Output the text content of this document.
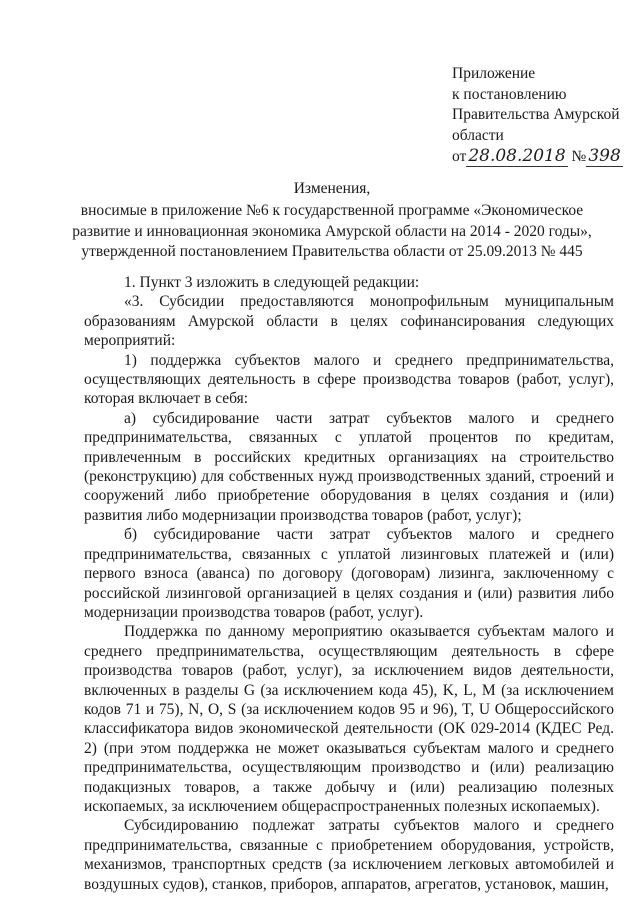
Приложение
к постановлению
Правительства Амурской
области
от 28.08.2018 № 398
Изменения,
вносимые в приложение №6 к государственной программе «Экономическое развитие и инновационная экономика Амурской области на 2014 - 2020 годы», утвержденной постановлением Правительства области от 25.09.2013 № 445

1. Пункт 3 изложить в следующей редакции:

«3. Субсидии предоставляются монопрофильным муниципальным образованиям Амурской области в целях софинансирования следующих мероприятий:

1) поддержка субъектов малого и среднего предпринимательства, осуществляющих деятельность в сфере производства товаров (работ, услуг), которая включает в себя:

а) субсидирование части затрат субъектов малого и среднего предпринимательства, связанных с уплатой процентов по кредитам, привлеченным в российских кредитных организациях на строительство (реконструкцию) для собственных нужд производственных зданий, строений и сооружений либо приобретение оборудования в целях создания и (или) развития либо модернизации производства товаров (работ, услуг);

б) субсидирование части затрат субъектов малого и среднего предпринимательства, связанных с уплатой лизинговых платежей и (или) первого взноса (аванса) по договору (договорам) лизинга, заключенному с российской лизинговой организацией в целях создания и (или) развития либо модернизации производства товаров (работ, услуг).

Поддержка по данному мероприятию оказывается субъектам малого и среднего предпринимательства, осуществляющим деятельность в сфере производства товаров (работ, услуг), за исключением видов деятельности, включенных в разделы G (за исключением кода 45), K, L, M (за исключением кодов 71 и 75), N, O, S (за исключением кодов 95 и 96), T, U Общероссийского классификатора видов экономической деятельности (ОК 029-2014 (КДЕС Ред. 2) (при этом поддержка не может оказываться субъектам малого и среднего предпринимательства, осуществляющим производство и (или) реализацию подакцизных товаров, а также добычу и (или) реализацию полезных ископаемых, за исключением общераспространенных полезных ископаемых).

Субсидированию подлежат затраты субъектов малого и среднего предпринимательства, связанные с приобретением оборудования, устройств, механизмов, транспортных средств (за исключением легковых автомобилей и воздушных судов), станков, приборов, аппаратов, агрегатов, установок, машин,
